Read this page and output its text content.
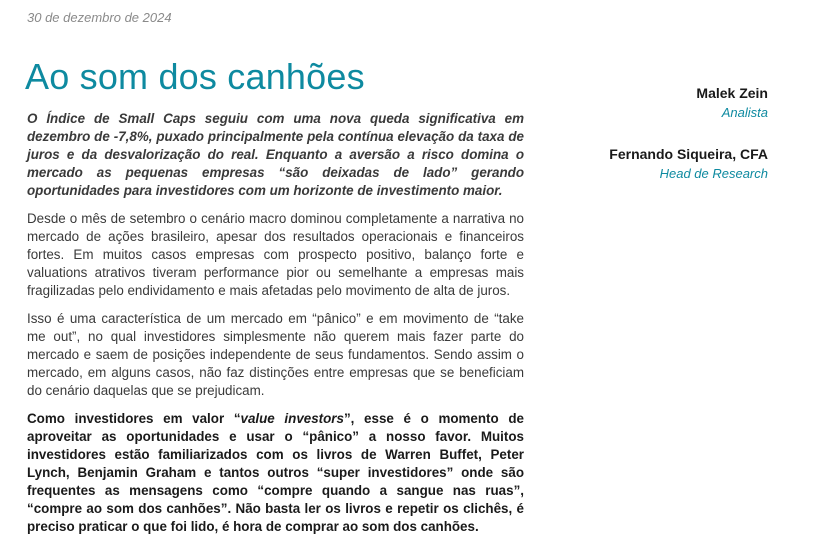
30 de dezembro de 2024
Ao som dos canhões

O Índice de Small Caps seguiu com uma nova queda significativa em dezembro de -7,8%, puxado principalmente pela contínua elevação da taxa de juros e da desvalorização do real. Enquanto a aversão a risco domina o mercado as pequenas empresas “são deixadas de lado” gerando oportunidades para investidores com um horizonte de investimento maior.

Desde o mês de setembro o cenário macro dominou completamente a narrativa no mercado de ações brasileiro, apesar dos resultados operacionais e financeiros fortes. Em muitos casos empresas com prospecto positivo, balanço forte e valuations atrativos tiveram performance pior ou semelhante a empresas mais fragilizadas pelo endividamento e mais afetadas pelo movimento de alta de juros.

Isso é uma característica de um mercado em “pânico” e em movimento de “take me out”, no qual investidores simplesmente não querem mais fazer parte do mercado e saem de posições independente de seus fundamentos. Sendo assim o mercado, em alguns casos, não faz distinções entre empresas que se beneficiam do cenário daquelas que se prejudicam.

Como investidores em valor “value investors”, esse é o momento de aproveitar as oportunidades e usar o “pânico” a nosso favor. Muitos investidores estão familiarizados com os livros de Warren Buffet, Peter Lynch, Benjamin Graham e tantos outros “super investidores” onde são frequentes as mensagens como “compre quando a sangue nas ruas”, “compre ao som dos canhões”. Não basta ler os livros e repetir os clichês, é preciso praticar o que foi lido, é hora de comprar ao som dos canhões.

Malek Zein
Analista
Fernando Siqueira, CFA
Head de Research
